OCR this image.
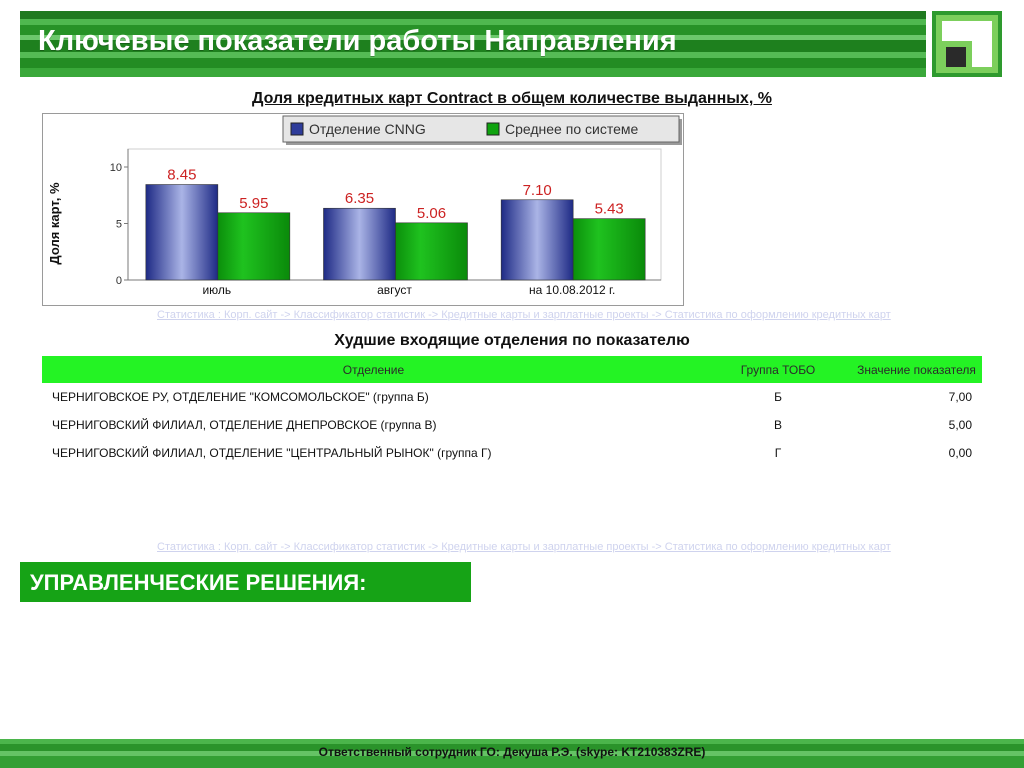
Ключевые показатели работы Направления
Доля кредитных карт Contract в общем количестве выданных, %
0
5
10
Доля карт, %
8.45
5.95
июль
6.35
5.06
август
7.10
5.43
на 10.08.2012 г.
Отделение CNNG	Среднее по системе
Статистика : Корп. сайт -> Классификатор статистик -> Кредитные карты и зарплатные проекты -> Статистика по оформлению кредитных карт
Худшие входящие отделения по показателю
Отделение	Группа ТОБО	Значение показателя
ЧЕРНИГОВСКОЕ РУ, ОТДЕЛЕНИЕ "КОМСОМОЛЬСКОЕ" (группа Б)	Б	7,00
ЧЕРНИГОВСКИЙ ФИЛИАЛ, ОТДЕЛЕНИЕ ДНЕПРОВСКОЕ (группа В)	В	5,00
ЧЕРНИГОВСКИЙ ФИЛИАЛ, ОТДЕЛЕНИЕ "ЦЕНТРАЛЬНЫЙ РЫНОК" (группа Г)	Г	0,00
Статистика : Корп. сайт -> Классификатор статистик -> Кредитные карты и зарплатные проекты -> Статистика по оформлению кредитных карт
УПРАВЛЕНЧЕСКИЕ РЕШЕНИЯ:
Ответственный сотрудник ГО: Декуша Р.Э. (skype: KT210383ZRE)
